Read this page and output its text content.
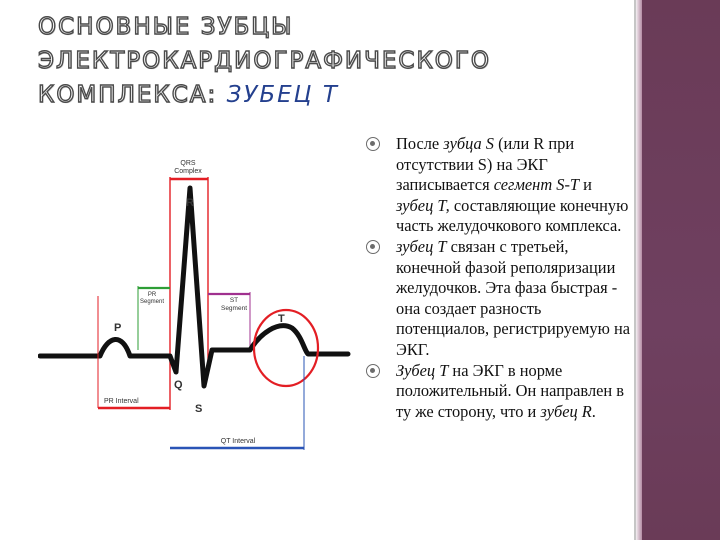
ОСНОВНЫЕ ЗУБЦЫ ЭЛЕКТРОКАРДИОГРАФИЧЕСКОГО КОМПЛЕКСА: ЗУБЕЦ Т
QRS
Complex
PR
Segment	ST
Segment
R
P
Q
S
T
PR Interval
QT Interval
После зубца S (или R при отсутствии S) на ЭКГ записывается сегмент S-T и зубец Т, составляющие конечную часть желудочкового комплекса.
зубец Т связан с третьей, конечной фазой реполяризации желудочков. Эта фаза быстрая - она создает разность потенциалов, регистрируемую на ЭКГ.
Зубец Т на ЭКГ в норме положительный. Он направлен в ту же сторону, что и зубец R.
